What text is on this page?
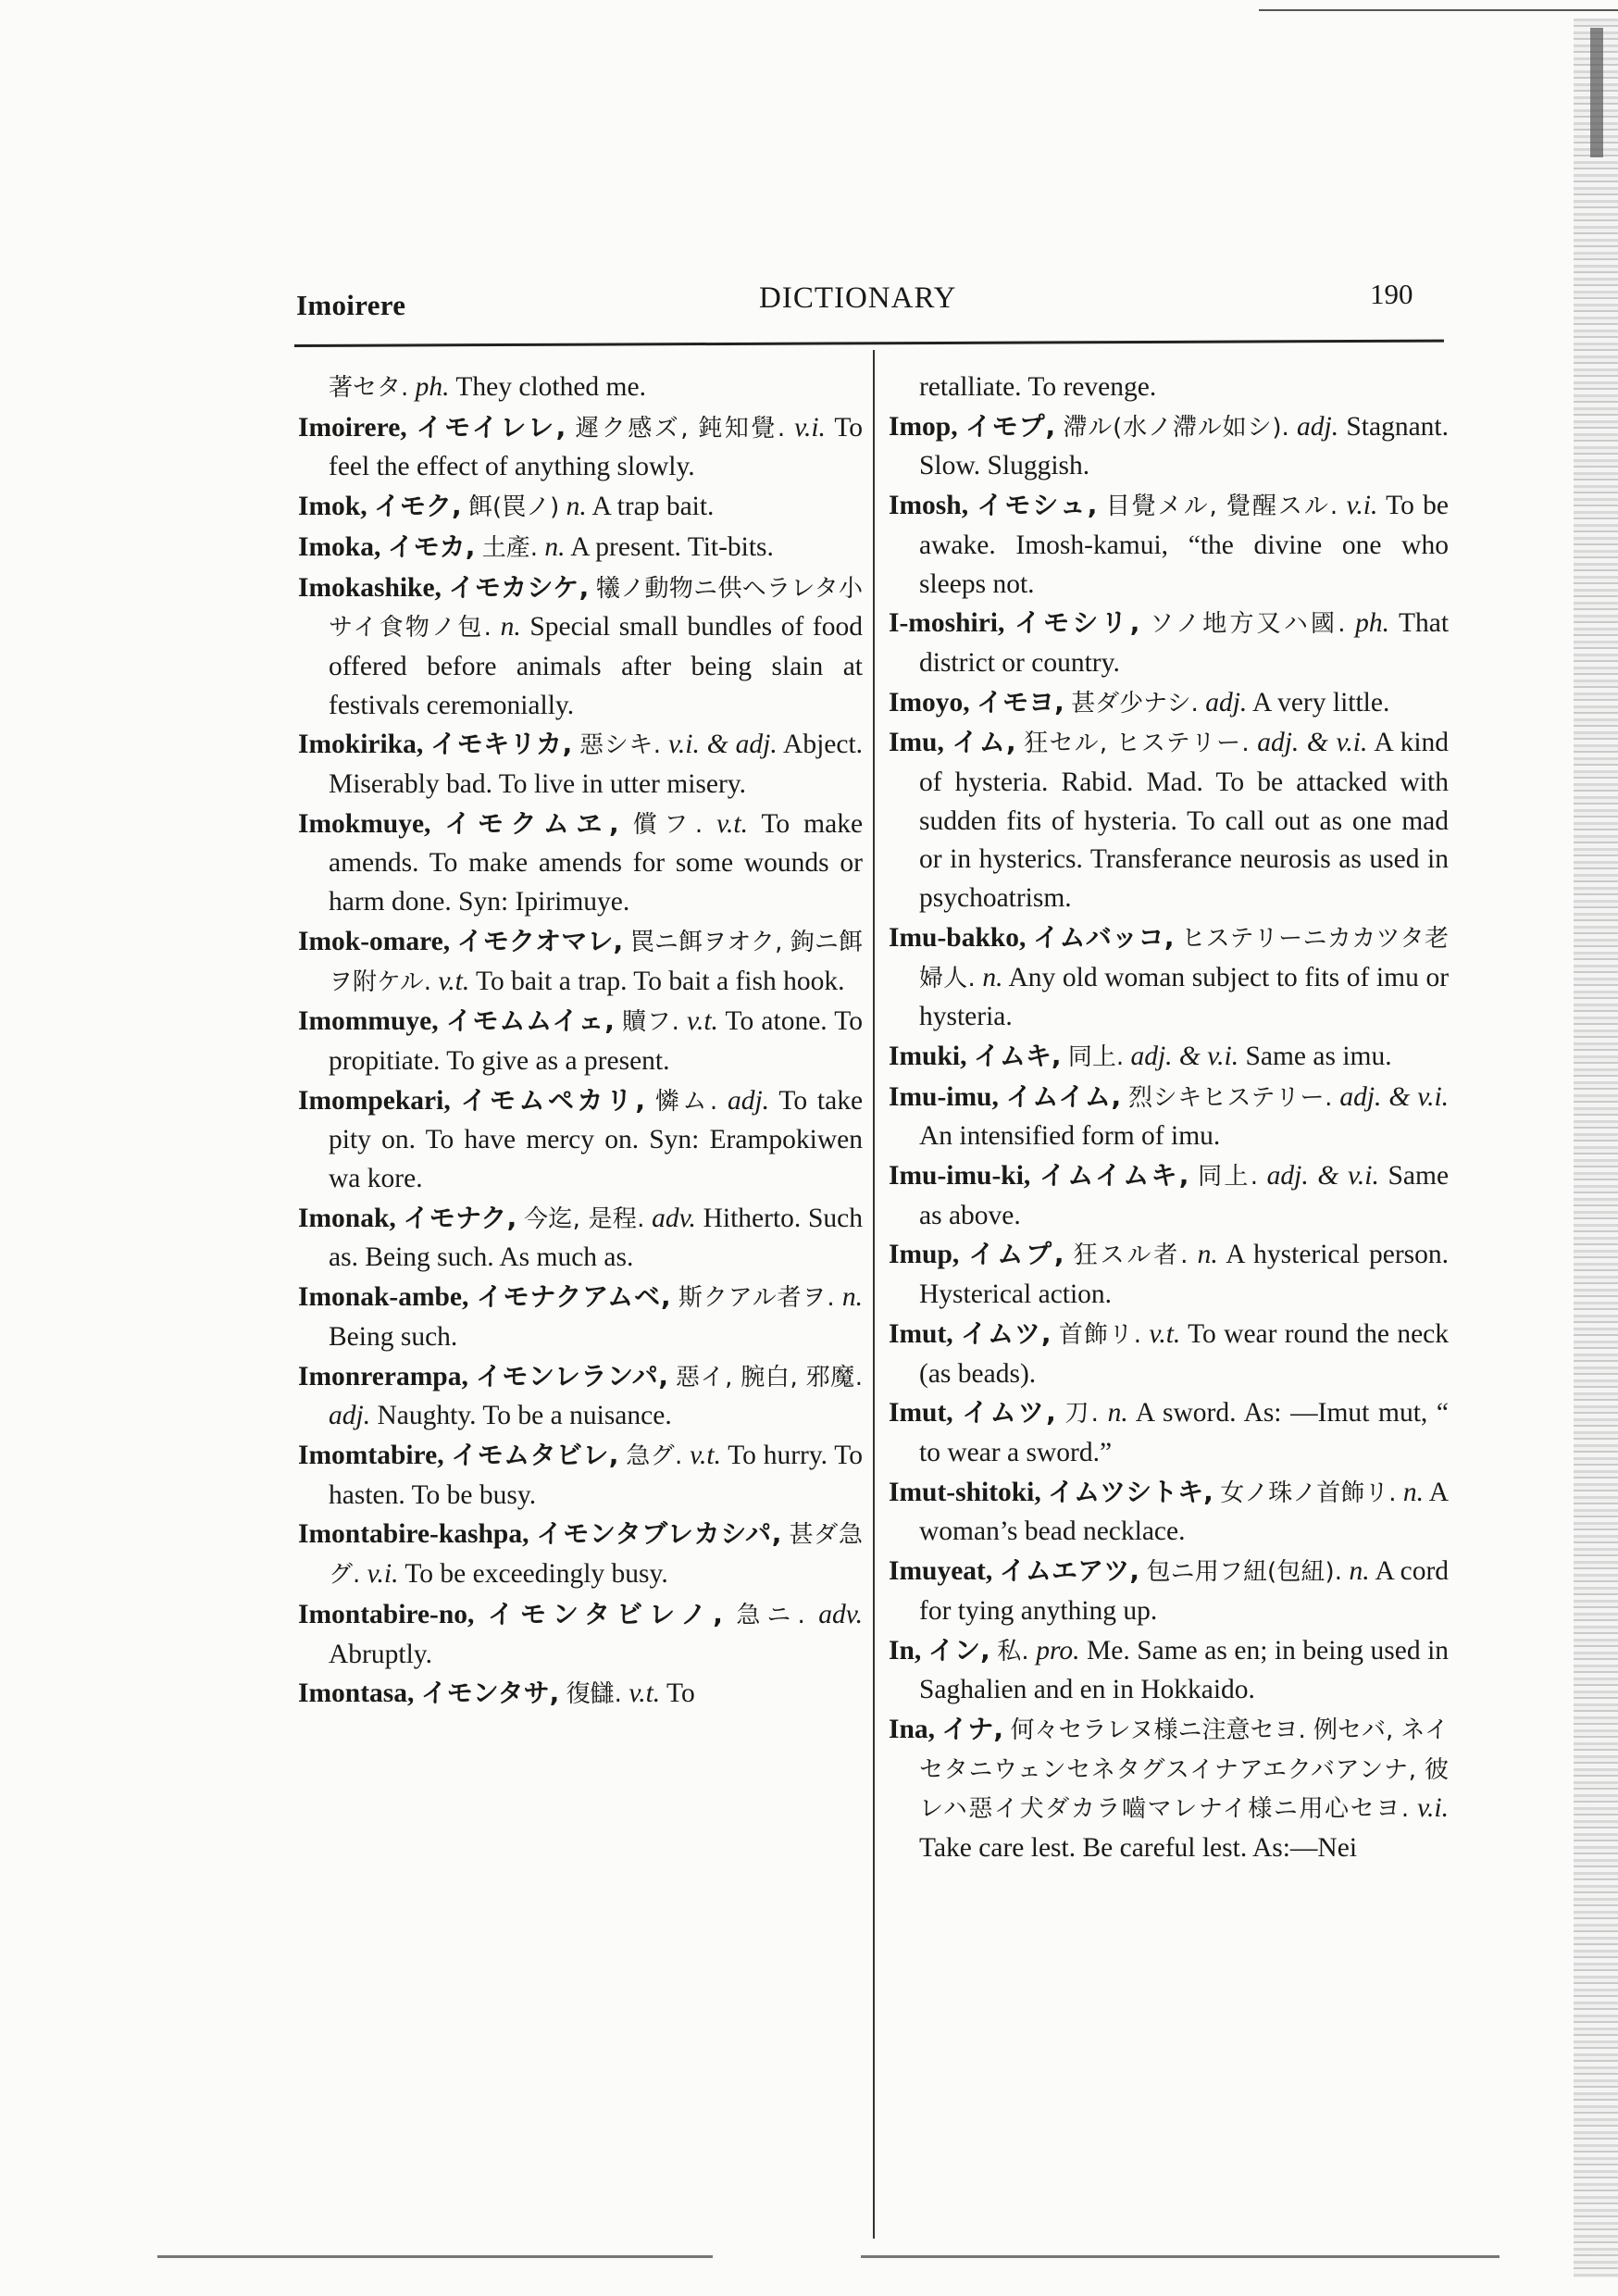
Imoirere	DICTIONARY	190
著セタ. ph. They clothed me.
Imoirere, イモイレレ, 遲ク感ズ, 鈍知覺. v.i. To feel the effect of anything slowly.
Imok, イモク, 餌(罠ノ) n. A trap bait.
Imoka, イモカ, 土產. n. A present. Tit-bits.
Imokashike, イモカシケ, 犧ノ動物ニ供ヘラレタ小サイ食物ノ包. n. Special small bundles of food offered before animals after being slain at festivals ceremonially.
Imokirika, イモキリカ, 惡シキ. v.i. & adj. Abject. Miserably bad. To live in utter misery.
Imokmuye, イモクムヱ, 償フ. v.t. To make amends. To make amends for some wounds or harm done. Syn: Ipirimuye.
Imok-omare, イモクオマレ, 罠ニ餌ヲオク, 鉤ニ餌ヲ附ケル. v.t. To bait a trap. To bait a fish hook.
Imommuye, イモムムイェ, 贖フ. v.t. To atone. To propitiate. To give as a present.
Imompekari, イモムペカリ, 憐ム. adj. To take pity on. To have mercy on. Syn: Erampokiwen wa kore.
Imonak, イモナク, 今迄, 是程. adv. Hitherto. Such as. Being such. As much as.
Imonak-ambe, イモナクアムベ, 斯クアル者ヲ. n. Being such.
Imonrerampa, イモンレランパ, 惡イ, 腕白, 邪魔. adj. Naughty. To be a nuisance.
Imomtabire, イモムタビレ, 急グ. v.t. To hurry. To hasten. To be busy.
Imontabire-kashpa, イモンタブレカシパ, 甚ダ急グ. v.i. To be exceedingly busy.
Imontabire-no, イモンタビレノ, 急ニ. adv. Abruptly.
Imontasa, イモンタサ, 復讎. v.t. To
retalliate. To revenge.
Imop, イモプ, 滯ル(水ノ滯ル如シ). adj. Stagnant. Slow. Sluggish.
Imosh, イモシュ, 目覺メル, 覺醒スル. v.i. To be awake. Imosh-kamui, “the divine one who sleeps not.
I-moshiri, イモシリ, ソノ地方又ハ國. ph. That district or country.
Imoyo, イモヨ, 甚ダ少ナシ. adj. A very little.
Imu, イム, 狂セル, ヒステリー. adj. & v.i. A kind of hysteria. Rabid. Mad. To be attacked with sudden fits of hysteria. To call out as one mad or in hysterics. Transferance neurosis as used in psychoatrism.
Imu-bakko, イムバッコ, ヒステリーニカカツタ老婦人. n. Any old woman subject to fits of imu or hysteria.
Imuki, イムキ, 同上. adj. & v.i. Same as imu.
Imu-imu, イムイム, 烈シキヒステリー. adj. & v.i. An intensified form of imu.
Imu-imu-ki, イムイムキ, 同上. adj. & v.i. Same as above.
Imup, イムプ, 狂スル者. n. A hysterical person. Hysterical action.
Imut, イムツ, 首飾リ. v.t. To wear round the neck (as beads).
Imut, イムツ, 刀. n. A sword. As: —Imut mut, “ to wear a sword.”
Imut-shitoki, イムツシトキ, 女ノ珠ノ首飾リ. n. A woman’s bead necklace.
Imuyeat, イムエアツ, 包ニ用フ紐(包紐). n. A cord for tying anything up.
In, イン, 私. pro. Me. Same as en; in being used in Saghalien and en in Hokkaido.
Ina, イナ, 何々セラレヌ様ニ注意セヨ. 例セバ, ネイセタニウェンセネタグスイナアエクバアンナ, 彼レハ惡イ犬ダカラ嚙マレナイ様ニ用心セヨ. v.i. Take care lest. Be careful lest. As:—Nei
